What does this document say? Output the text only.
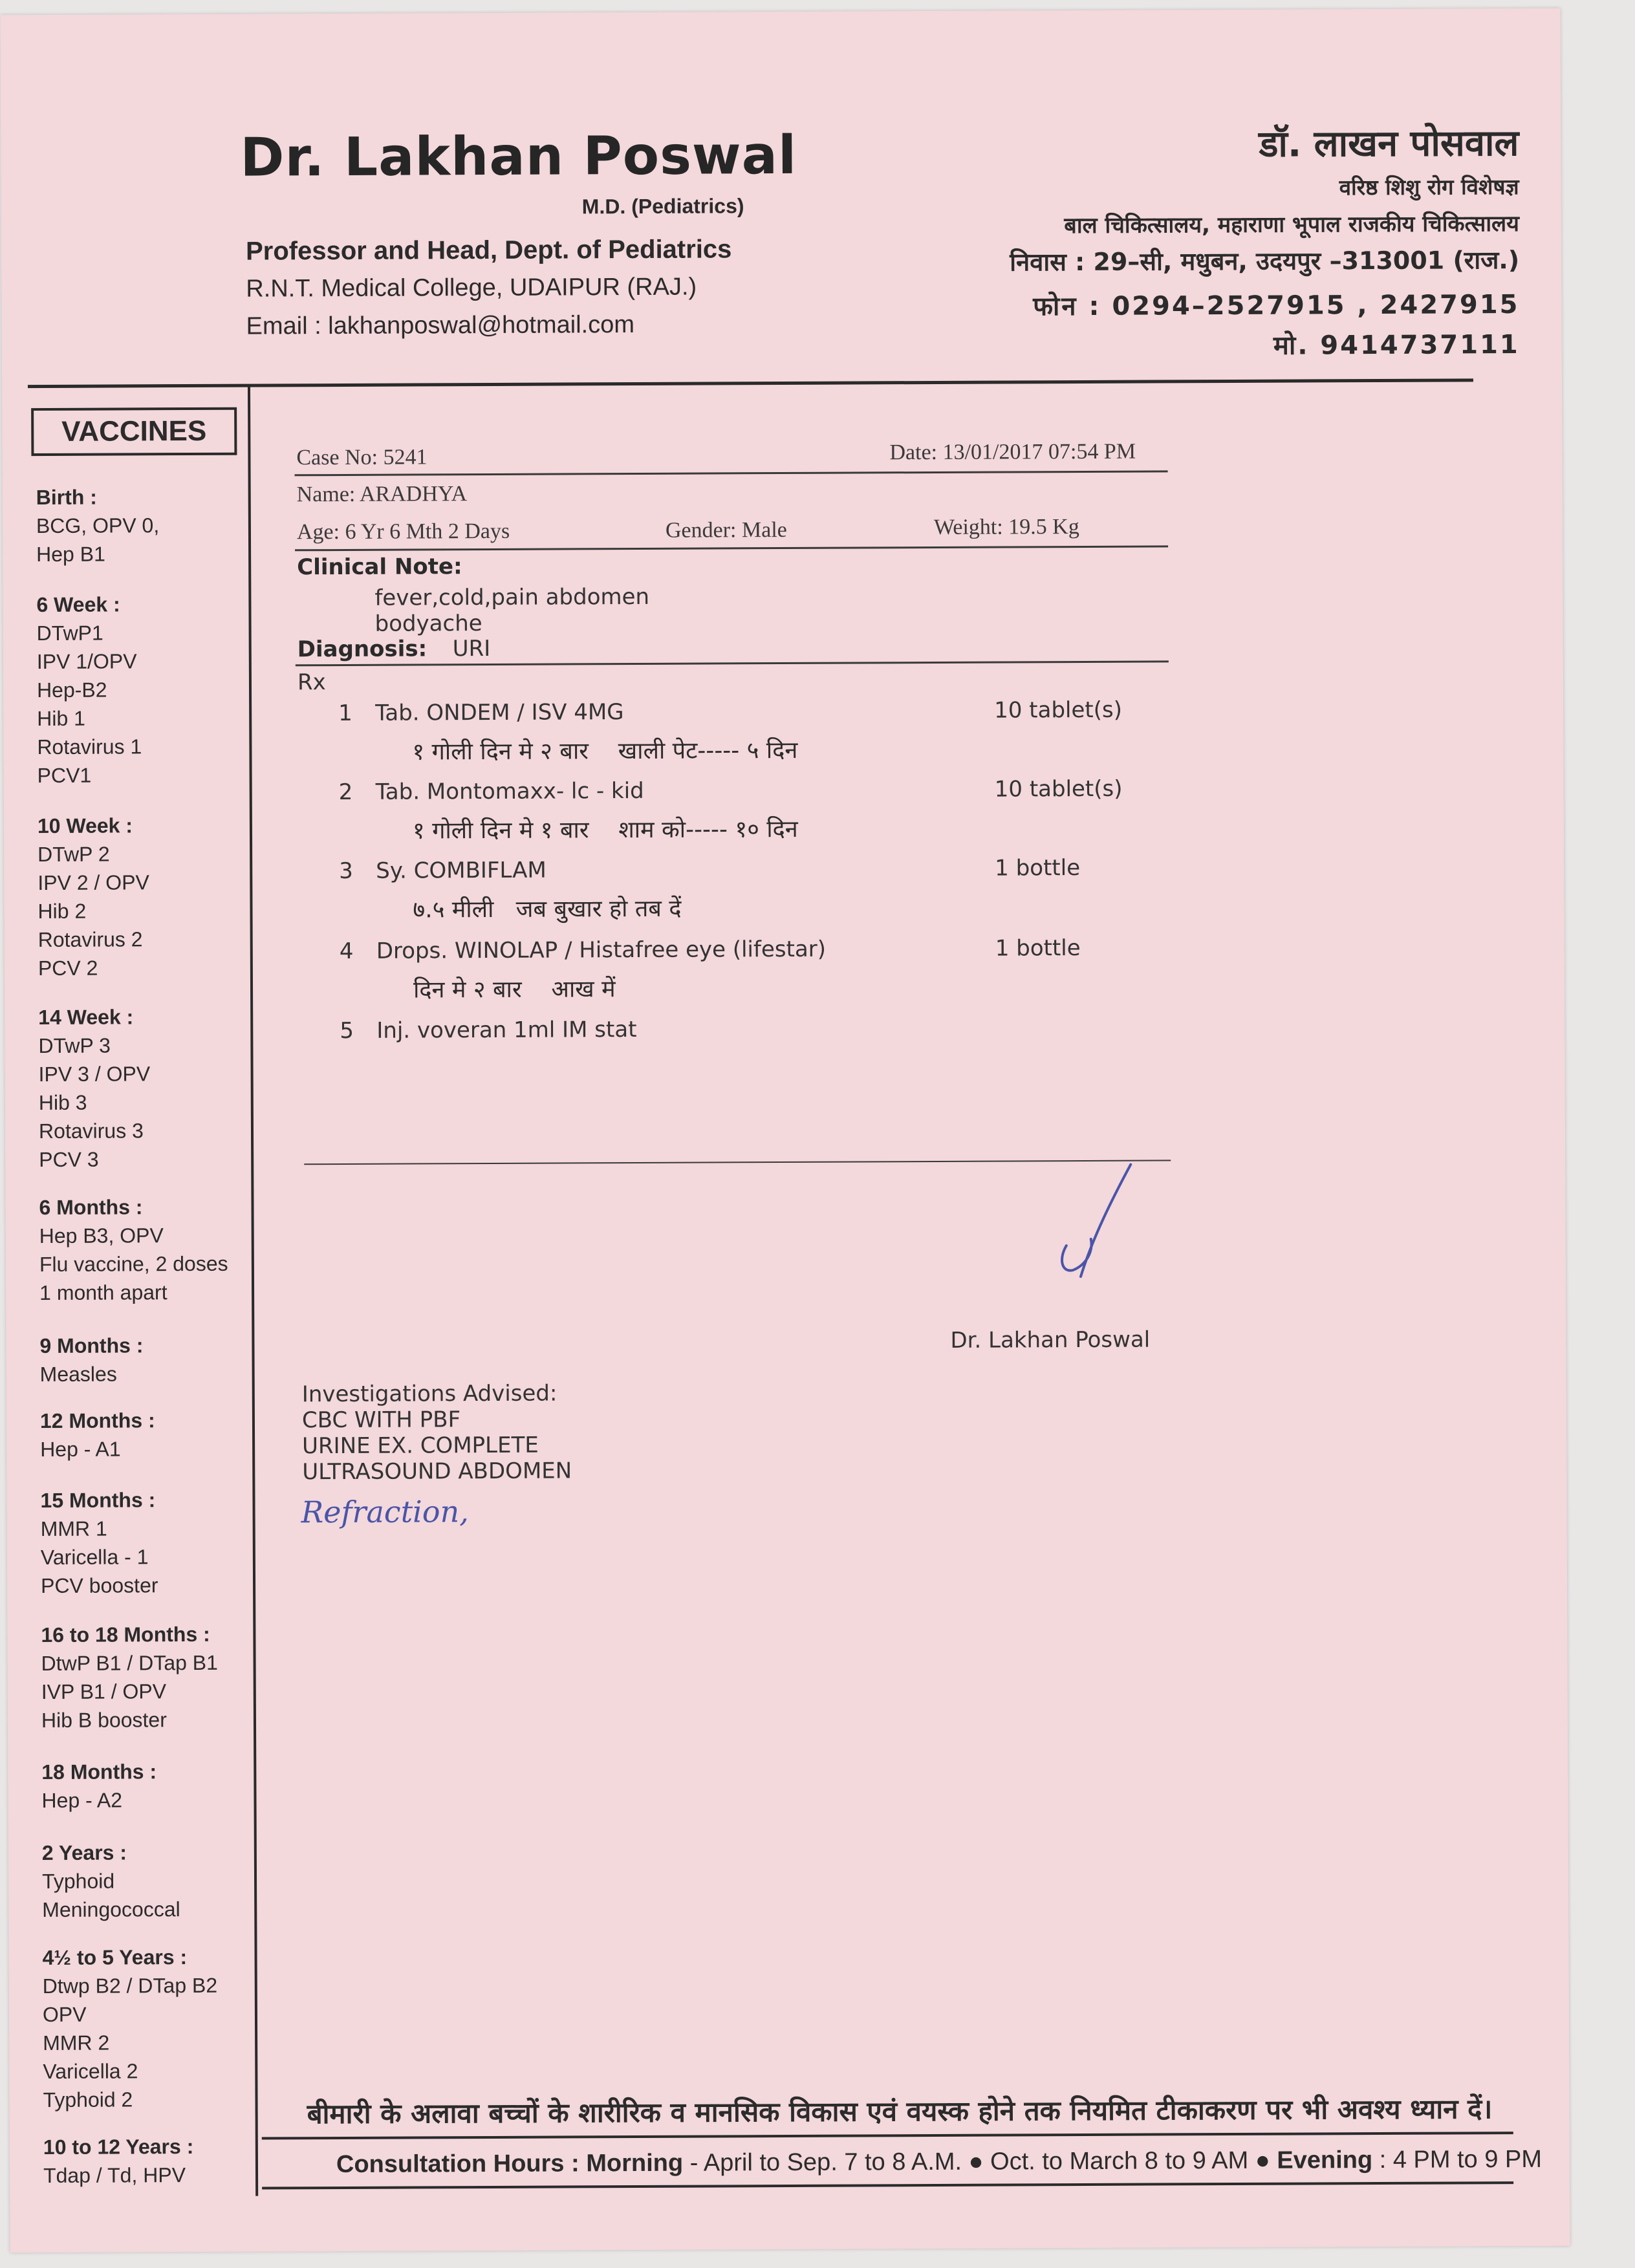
Dr. Lakhan Poswal
M.D. (Pediatrics)
Professor and Head, Dept. of Pediatrics
R.N.T. Medical College, UDAIPUR (RAJ.)
Email : lakhanposwal@hotmail.com
डॉ. लाखन पोसवाल
वरिष्ठ शिशु रोग विशेषज्ञ
बाल चिकित्सालय, महाराणा भूपाल राजकीय चिकित्सालय
निवास : 29–सी, मधुबन, उदयपुर –313001 (राज.)
फोन : 0294–2527915 , 2427915
मो. 9414737111
VACCINES
Birth :
BCG, OPV 0,
Hep B1
6 Week :
DTwP1
IPV 1/OPV
Hep-B2
Hib 1
Rotavirus 1
PCV1
10 Week :
DTwP 2
IPV 2 / OPV
Hib 2
Rotavirus 2
PCV 2
14 Week :
DTwP 3
IPV 3 / OPV
Hib 3
Rotavirus 3
PCV 3
6 Months :
Hep B3, OPV
Flu vaccine, 2 doses
1 month apart
9 Months :
Measles
12 Months :
Hep - A1
15 Months :
MMR 1
Varicella - 1
PCV booster
16 to 18 Months :
DtwP B1 / DTap B1
IVP B1 / OPV
Hib B booster
18 Months :
Hep - A2
2 Years :
Typhoid
Meningococcal
4½ to 5 Years :
Dtwp B2 / DTap B2
OPV
MMR 2
Varicella 2
Typhoid 2
10 to 12 Years :
Tdap / Td, HPV
Case No: 5241	Date: 13/01/2017 07:54 PM
Name: ARADHYA
Age: 6 Yr 6 Mth 2 Days	Gender: Male	Weight: 19.5 Kg
Clinical Note:
fever,cold,pain abdomen
bodyache
Diagnosis: URI
Rx
1 Tab. ONDEM / ISV 4MG	10 tablet(s)
१ गोली दिन मे २ बार    खाली पेट----- ५ दिन
2 Tab. Montomaxx- lc - kid	10 tablet(s)
१ गोली दिन मे १ बार    शाम को----- १० दिन
3 Sy. COMBIFLAM	1 bottle
७.५ मीली   जब बुखार हो तब दें
4 Drops. WINOLAP / Histafree eye (lifestar)	1 bottle
दिन मे २ बार    आख में
5 Inj. voveran 1ml IM stat
Dr. Lakhan Poswal
Investigations Advised:
CBC WITH PBF
URINE EX. COMPLETE
ULTRASOUND ABDOMEN
Refraction,
बीमारी के अलावा बच्चों के शारीरिक व मानसिक विकास एवं वयस्क होने तक नियमित टीकाकरण पर भी अवश्य ध्यान दें।
Consultation Hours : Morning - April to Sep. 7 to 8 A.M. ● Oct. to March 8 to 9 AM ● Evening : 4 PM to 9 PM
